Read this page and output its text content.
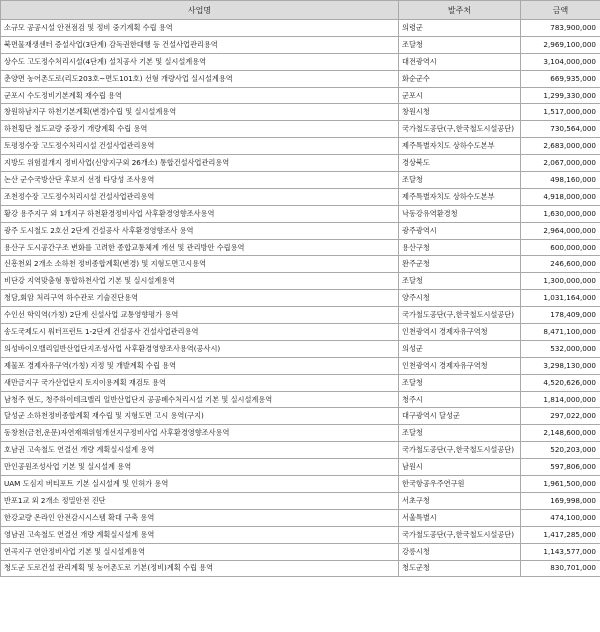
사업명	발주처	금액
소규모 공공시설 안전점검 및 정비 중기계획 수립 용역	의령군	783,900,000
북면물재생센터 증설사업(3단계) 감독권한대행 등 건설사업관리용역	조달청	2,969,100,000
상수도 고도정수처리시설(4단계) 설치공사 기본 및 실시설계용역	대전광역시	3,104,000,000
춘양면 농어촌도로(리도203호~면도101호) 선형 개량사업 실시설계용역	화순군수	669,935,000
군포시 수도정비기본계획 재수립 용역	군포시	1,299,330,000
창원하남지구 하천기본계획(변경)수립 및 실시설계용역	창원시청	1,517,000,000
하천횡단 철도교량 중장기 개량계획 수립 용역	국가철도공단(구,한국철도시설공단)	730,564,000
토평정수장 고도정수처리시설 건설사업관리용역	제주특별자치도 상하수도본부	2,683,000,000
지방도 위험절개지 정비사업(신양지구외 26개소) 통합건설사업관리용역	경상북도	2,067,000,000
논산 군수국방산단 후보지 선정 타당성 조사용역	조달청	498,160,000
조천정수장 고도정수처리시설 건설사업관리용역	제주특별자치도 상하수도본부	4,918,000,000
황강 용주지구 외 1개지구 하천환경정비사업 사후환경영향조사용역	낙동강유역환경청	1,630,000,000
광주 도시철도 2호선 2단계 건설공사 사후환경영향조사 용역	광주광역시	2,964,000,000
용산구 도시공간구조 변화를 고려한 종합교통체계 개선 및 관리방안 수립용역	용산구청	600,000,000
신흥천외 2개소 소하천 정비종합계획(변경) 및 지형도면고시용역	완주군청	246,600,000
비단강 지역맞춤형 통합하천사업 기본 및 실시설계용역	조달청	1,300,000,000
청담,회암 처리구역 하수관로 기술진단용역	양주시청	1,031,164,000
수인선 학익역(가칭) 2단계 신설사업 교통영향평가 용역	국가철도공단(구,한국철도시설공단)	178,409,000
송도국제도시 워터프런트 1-2단계 건설공사 건설사업관리용역	인천광역시 경제자유구역청	8,471,100,000
의성바이오밸리일반산업단지조성사업 사후환경영향조사용역(공사시)	의성군	532,000,000
제물포 경제자유구역(가칭) 지정 및 개발계획 수립 용역	인천광역시 경제자유구역청	3,298,130,000
새만금지구 국가산업단지 토지이용계획 재검토 용역	조달청	4,520,626,000
남청주 현도, 청주하이테크밸리 일반산업단지 공공폐수처리시설 기본 및 실시설계용역	청주시	1,814,000,000
달성군 소하천정비종합계획 재수립 및 지형도면 고시 용역(구지)	대구광역시 달성군	297,022,000
동창천(금천,운문)자연재해위험개선지구정비사업 사후환경영향조사용역	조달청	2,148,600,000
호남권 고속철도 연결선 개량 계획실시설계 용역	국가철도공단(구,한국철도시설공단)	520,203,000
만인공원조성사업 기본 및 실시설계 용역	남원시	597,806,000
UAM 도심지 버티포트 기본 실시설계 및 인허가 용역	한국항공우주연구원	1,961,500,000
반포1교 외 2개소 정밀안전 진단	서초구청	169,998,000
한강교량 온라인 안전감시시스템 확대 구축 용역	서울특별시	474,100,000
영남권 고속철도 연결선 개량 계획실시설계 용역	국가철도공단(구,한국철도시설공단)	1,417,285,000
연곡지구 연안정비사업 기본 및 실시설계용역	강릉시청	1,143,577,000
청도군 도로건설 관리계획 및 농어촌도로 기본(정비)계획 수립 용역	청도군청	830,701,000
